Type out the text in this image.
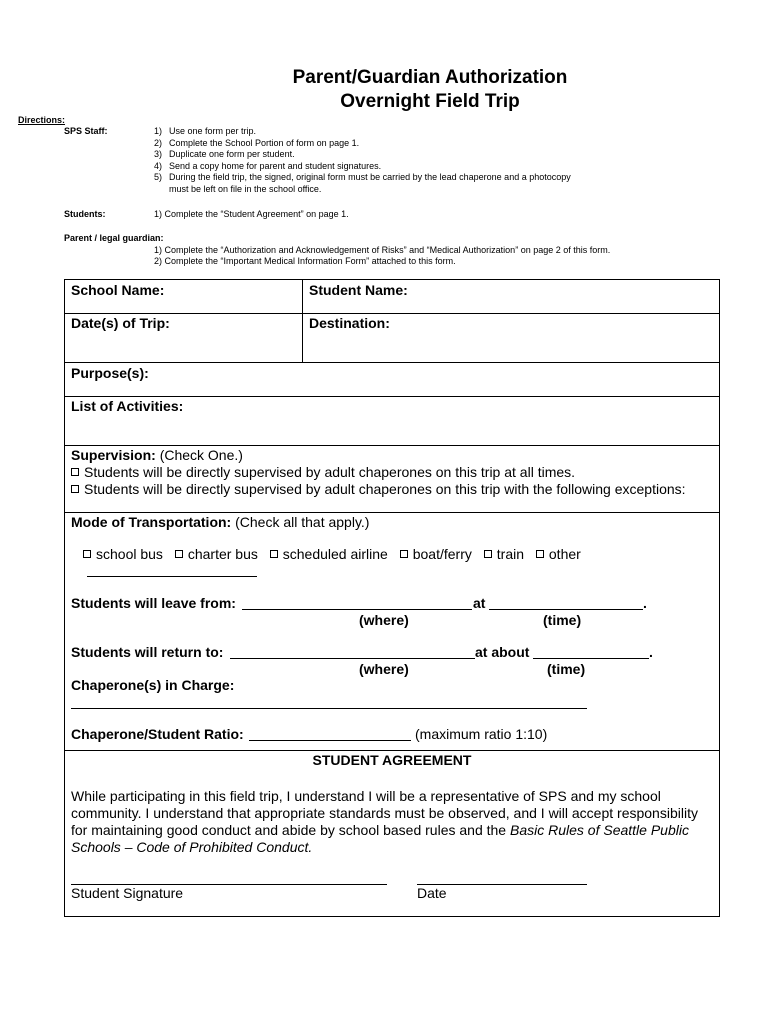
Parent/Guardian Authorization
Overnight Field Trip
Directions:
SPS Staff:	1) Use one form per trip.
2) Complete the School Portion of form on page 1.
3) Duplicate one form per student.
4) Send a copy home for parent and student signatures.
5) During the field trip, the signed, original form must be carried by the lead chaperone and a photocopy must be left on file in the school office.
Students:	1) Complete the “Student Agreement” on page 1.
Parent / legal guardian:
1) Complete the “Authorization and Acknowledgement of Risks” and “Medical Authorization” on page 2 of this form.
2) Complete the “Important Medical Information Form” attached to this form.
School Name:	Student Name:
Date(s) of Trip:	Destination:
Purpose(s):
List of Activities:
Supervision: (Check One.)
Students will be directly supervised by adult chaperones on this trip at all times.
Students will be directly supervised by adult chaperones on this trip with the following exceptions:
Mode of Transportation: (Check all that apply.)
school bus charter bus scheduled airline boat/ferry train other
Students will leave from:	at	.
(where)	(time)
Students will return to:	at about	.
(where)	(time)
Chaperone(s) in Charge:
Chaperone/Student Ratio:	(maximum ratio 1:10)
STUDENT AGREEMENT
While participating in this field trip, I understand I will be a representative of SPS and my school community. I understand that appropriate standards must be observed, and I will accept responsibility for maintaining good conduct and abide by school based rules and the Basic Rules of Seattle Public Schools – Code of Prohibited Conduct.
Student Signature	Date
